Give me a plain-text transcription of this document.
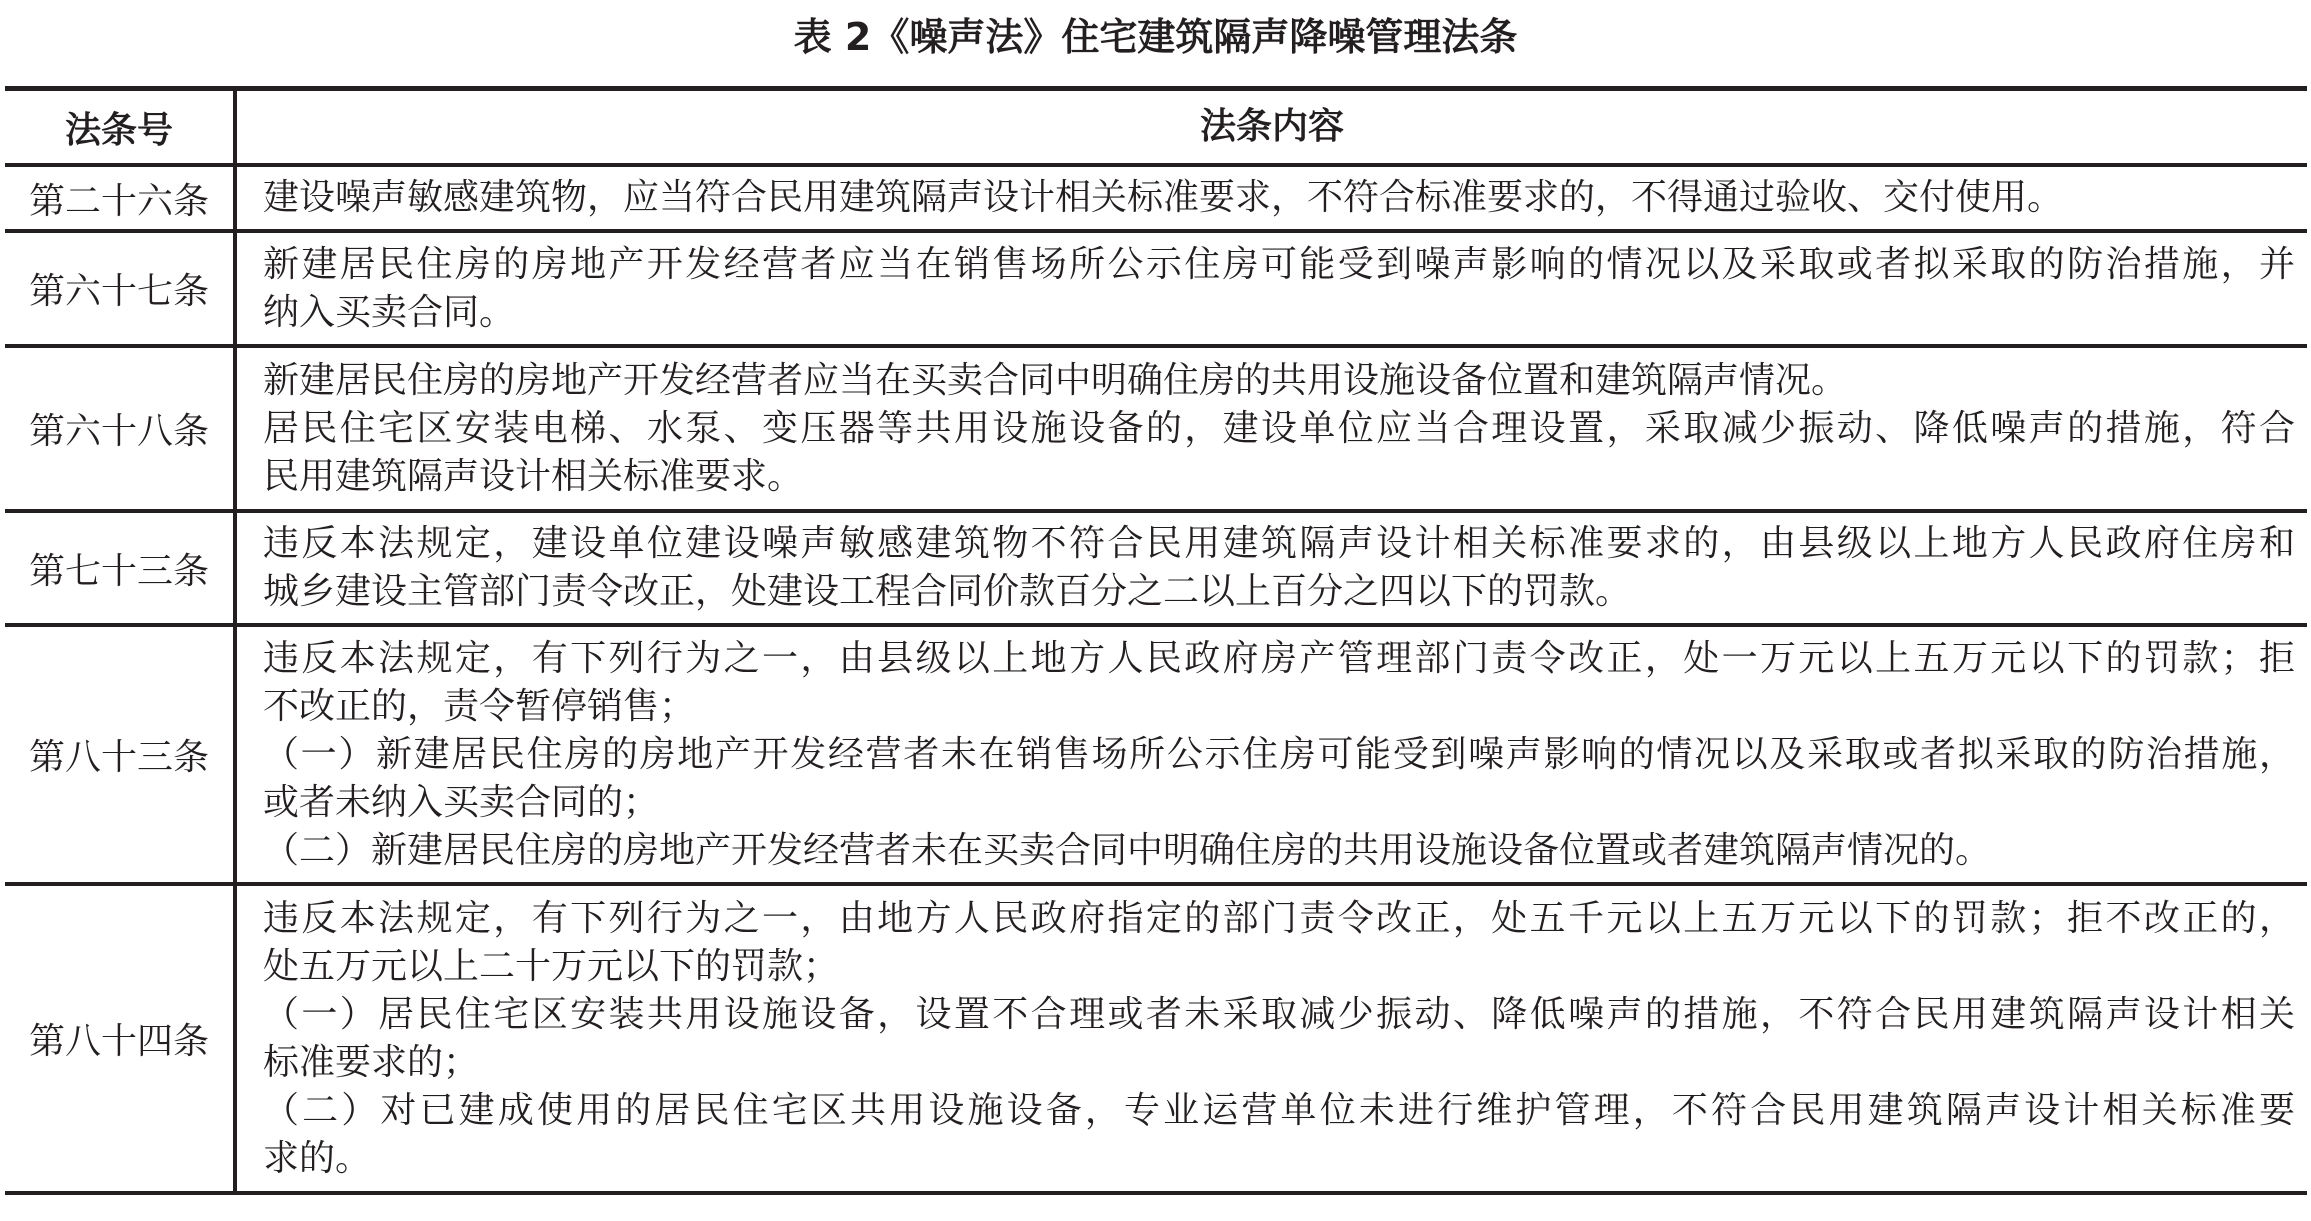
表 2《噪声法》住宅建筑隔声降噪管理法条
法条号	法条内容
第二十六条	建设噪声敏感建筑物，应当符合民用建筑隔声设计相关标准要求，不符合标准要求的，不得通过验收、交付使用。
第六十七条
新建居民住房的房地产开发经营者应当在销售场所公示住房可能受到噪声影响的情况以及采取或者拟采取的防治措施，并
纳入买卖合同。
第六十八条
新建居民住房的房地产开发经营者应当在买卖合同中明确住房的共用设施设备位置和建筑隔声情况。
居民住宅区安装电梯、水泵、变压器等共用设施设备的，建设单位应当合理设置，采取减少振动、降低噪声的措施，符合
民用建筑隔声设计相关标准要求。
第七十三条
违反本法规定，建设单位建设噪声敏感建筑物不符合民用建筑隔声设计相关标准要求的，由县级以上地方人民政府住房和
城乡建设主管部门责令改正，处建设工程合同价款百分之二以上百分之四以下的罚款。
第八十三条
违反本法规定，有下列行为之一，由县级以上地方人民政府房产管理部门责令改正，处一万元以上五万元以下的罚款；拒
不改正的，责令暂停销售；
（一）新建居民住房的房地产开发经营者未在销售场所公示住房可能受到噪声影响的情况以及采取或者拟采取的防治措施，
或者未纳入买卖合同的；
（二）新建居民住房的房地产开发经营者未在买卖合同中明确住房的共用设施设备位置或者建筑隔声情况的。
第八十四条
违反本法规定，有下列行为之一，由地方人民政府指定的部门责令改正，处五千元以上五万元以下的罚款；拒不改正的，
处五万元以上二十万元以下的罚款；
（一）居民住宅区安装共用设施设备，设置不合理或者未采取减少振动、降低噪声的措施，不符合民用建筑隔声设计相关
标准要求的；
（二）对已建成使用的居民住宅区共用设施设备，专业运营单位未进行维护管理，不符合民用建筑隔声设计相关标准要
求的。
